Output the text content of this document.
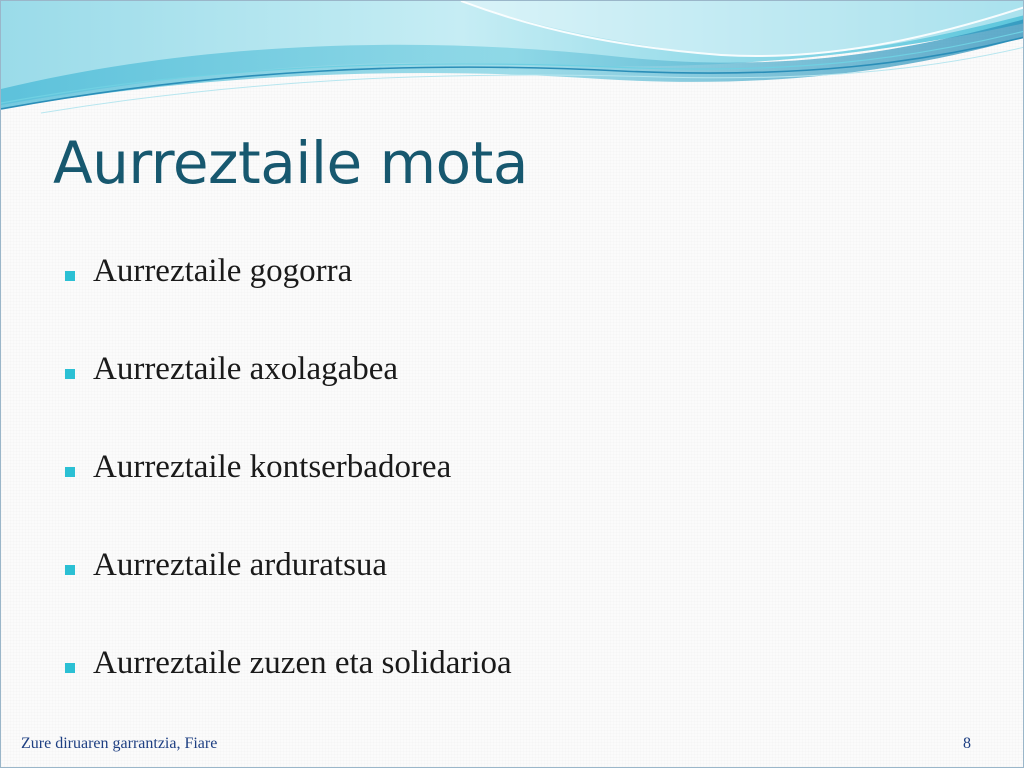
Aurreztaile mota
Aurreztaile gogorra
Aurreztaile axolagabea
Aurreztaile kontserbadorea
Aurreztaile arduratsua
Aurreztaile zuzen eta solidarioa
Zure diruaren garrantzia, Fiare	8
